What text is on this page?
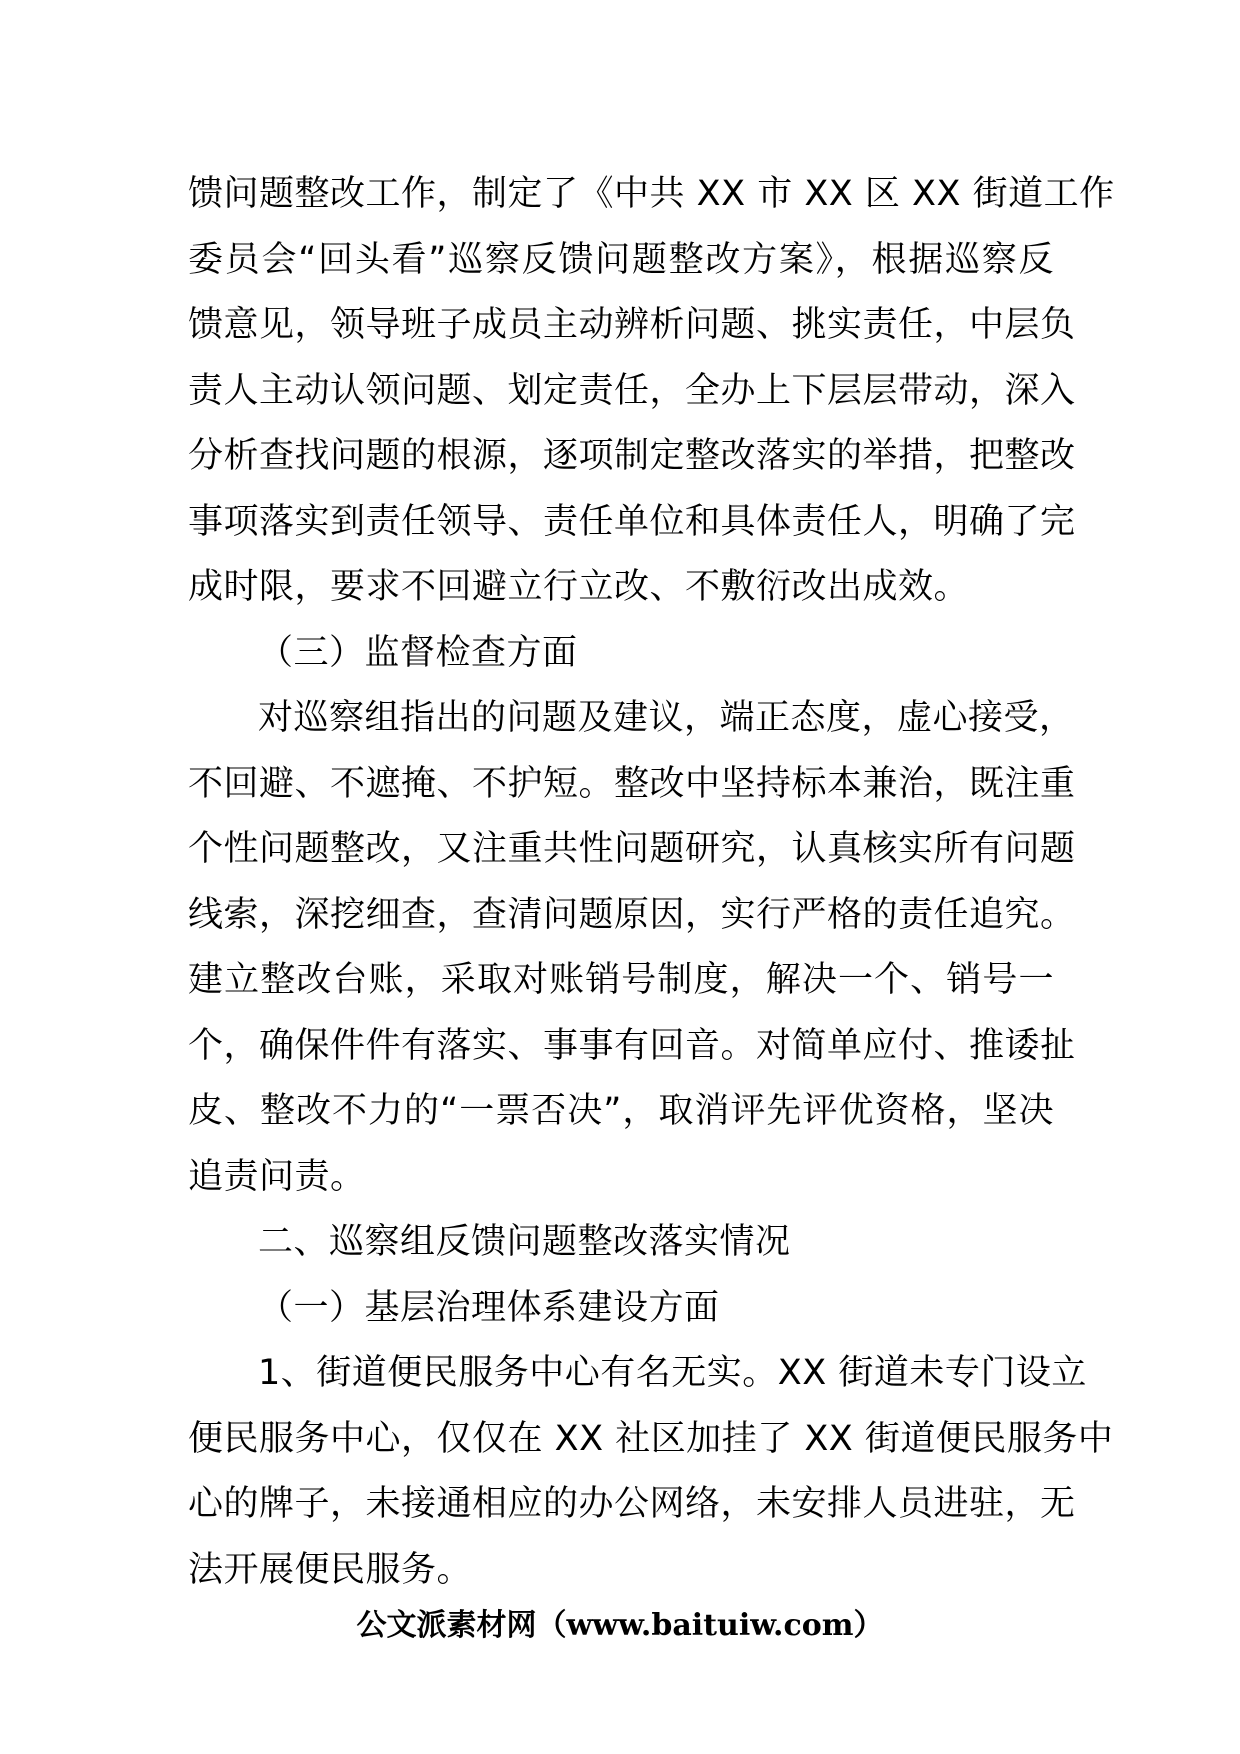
馈问题整改工作，制定了《中共 XX 市 XX 区 XX 街道工作
委员会“回头看”巡察反馈问题整改方案》，根据巡察反
馈意见，领导班子成员主动辨析问题、挑实责任，中层负
责人主动认领问题、划定责任，全办上下层层带动，深入
分析查找问题的根源，逐项制定整改落实的举措，把整改
事项落实到责任领导、责任单位和具体责任人，明确了完
成时限，要求不回避立行立改、不敷衍改出成效。
（三）监督检查方面
对巡察组指出的问题及建议，端正态度，虚心接受，
不回避、不遮掩、不护短。整改中坚持标本兼治，既注重
个性问题整改，又注重共性问题研究，认真核实所有问题
线索，深挖细查，查清问题原因，实行严格的责任追究。
建立整改台账，采取对账销号制度，解决一个、销号一
个，确保件件有落实、事事有回音。对简单应付、推诿扯
皮、整改不力的“一票否决”，取消评先评优资格，坚决
追责问责。
二、巡察组反馈问题整改落实情况
（一）基层治理体系建设方面
1、街道便民服务中心有名无实。XX 街道未专门设立
便民服务中心，仅仅在 XX 社区加挂了 XX 街道便民服务中
心的牌子，未接通相应的办公网络，未安排人员进驻，无
法开展便民服务。
公文派素材网（www.baituiw.com）
